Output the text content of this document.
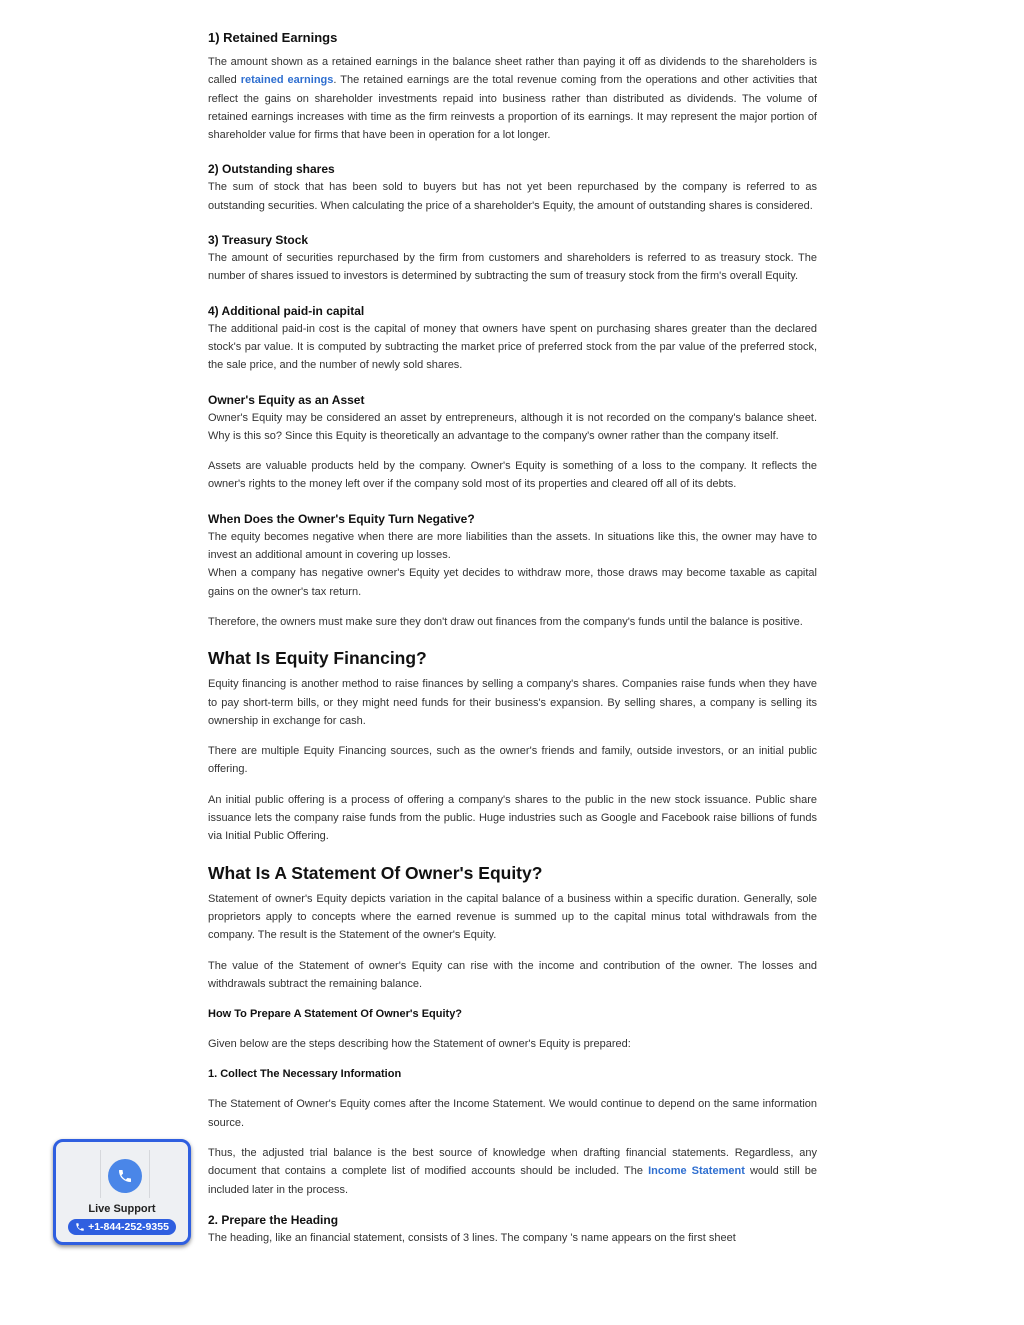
1) Retained Earnings

The amount shown as a retained earnings in the balance sheet rather than paying it off as dividends to the shareholders is called retained earnings. The retained earnings are the total revenue coming from the operations and other activities that reflect the gains on shareholder investments repaid into business rather than distributed as dividends. The volume of retained earnings increases with time as the firm reinvests a proportion of its earnings. It may represent the major portion of shareholder value for firms that have been in operation for a lot longer.

2) Outstanding shares

The sum of stock that has been sold to buyers but has not yet been repurchased by the company is referred to as outstanding securities. When calculating the price of a shareholder's Equity, the amount of outstanding shares is considered.

3) Treasury Stock

The amount of securities repurchased by the firm from customers and shareholders is referred to as treasury stock. The number of shares issued to investors is determined by subtracting the sum of treasury stock from the firm's overall Equity.

4) Additional paid-in capital

The additional paid-in cost is the capital of money that owners have spent on purchasing shares greater than the declared stock's par value. It is computed by subtracting the market price of preferred stock from the par value of the preferred stock, the sale price, and the number of newly sold shares.

Owner's Equity as an Asset

Owner's Equity may be considered an asset by entrepreneurs, although it is not recorded on the company's balance sheet. Why is this so? Since this Equity is theoretically an advantage to the company's owner rather than the company itself.

Assets are valuable products held by the company. Owner's Equity is something of a loss to the company. It reflects the owner's rights to the money left over if the company sold most of its properties and cleared off all of its debts.

When Does the Owner's Equity Turn Negative?

The equity becomes negative when there are more liabilities than the assets. In situations like this, the owner may have to invest an additional amount in covering up losses.

When a company has negative owner's Equity yet decides to withdraw more, those draws may become taxable as capital gains on the owner's tax return.

Therefore, the owners must make sure they don't draw out finances from the company's funds until the balance is positive.

What Is Equity Financing?

Equity financing is another method to raise finances by selling a company's shares. Companies raise funds when they have to pay short-term bills, or they might need funds for their business's expansion. By selling shares, a company is selling its ownership in exchange for cash.

There are multiple Equity Financing sources, such as the owner's friends and family, outside investors, or an initial public offering.

An initial public offering is a process of offering a company's shares to the public in the new stock issuance. Public share issuance lets the company raise funds from the public. Huge industries such as Google and Facebook raise billions of funds via Initial Public Offering.

What Is A Statement Of Owner's Equity?

Statement of owner's Equity depicts variation in the capital balance of a business within a specific duration. Generally, sole proprietors apply to concepts where the earned revenue is summed up to the capital minus total withdrawals from the company. The result is the Statement of the owner's Equity.

The value of the Statement of owner's Equity can rise with the income and contribution of the owner. The losses and withdrawals subtract the remaining balance.

How To Prepare A Statement Of Owner's Equity?

Given below are the steps describing how the Statement of owner's Equity is prepared:

1. Collect The Necessary Information

The Statement of Owner's Equity comes after the Income Statement. We would continue to depend on the same information source.

Thus, the adjusted trial balance is the best source of knowledge when drafting financial statements. Regardless, any document that contains a complete list of modified accounts should be included. The Income Statement would still be included later in the process.

2. Prepare the Heading

The heading, like an financial statement, consists of 3 lines. The company 's name appears on the first sheet

Live Support
+1-844-252-9355
